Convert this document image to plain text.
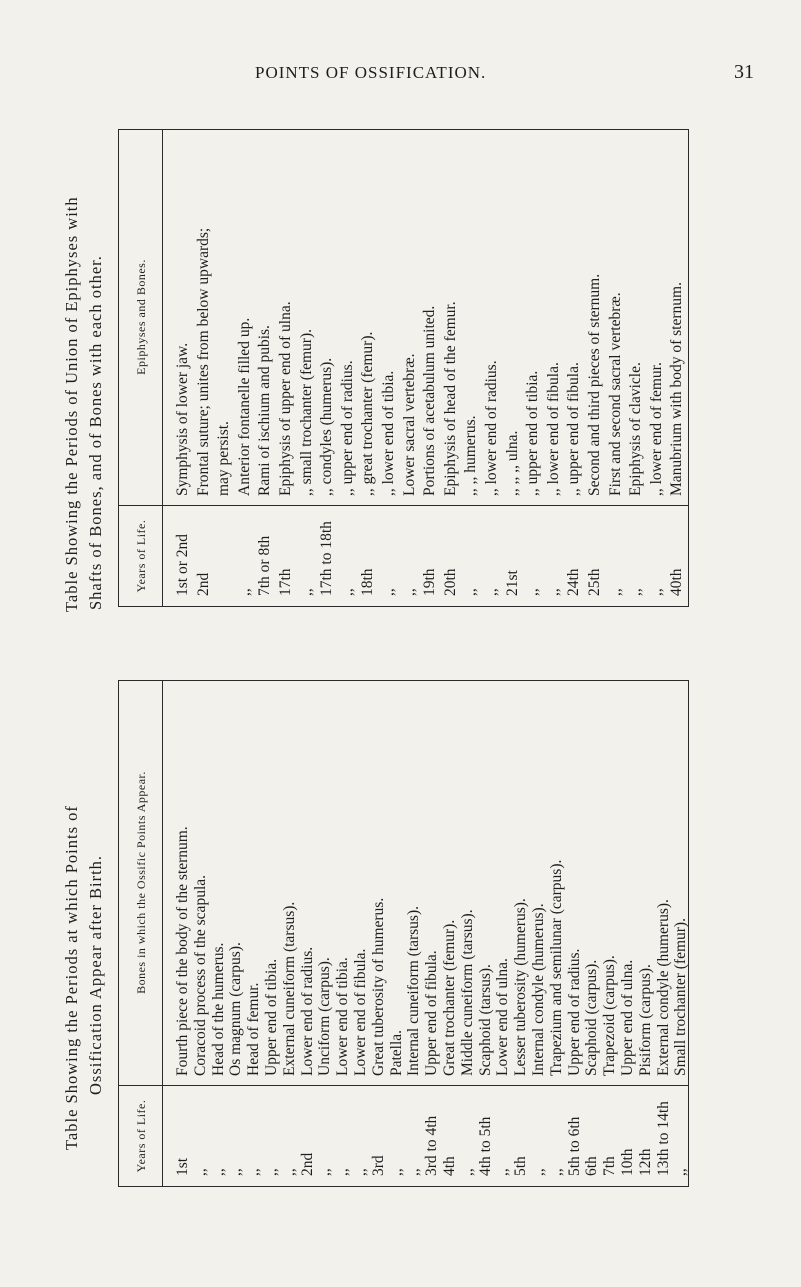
POINTS OF OSSIFICATION.	31
Table Showing the Periods at which Points of Ossification Appear after Birth.
Table Showing the Periods of Union of Epiphyses with Shafts of Bones, and of Bones with each other.
Years of Life.
Bones in which the Ossific Points Appear.
1st
Fourth piece of the body of the sternum.
,,
Coracoid process of the scapula.
,,
Head of the humerus.
,,
Os magnum (carpus).
,,
Head of femur.
,,
Upper end of tibia.
,,
External cuneiform (tarsus).
2nd
Lower end of radius.
,,
Unciform (carpus).
,,
Lower end of tibia.
,,
Lower end of fibula.
3rd
Great tuberosity of humerus.
,,
Patella.
,,
Internal cuneiform (tarsus).
3rd to 4th
Upper end of fibula.
4th
Great trochanter (femur).
,,
Middle cuneiform (tarsus).
4th to 5th
Scaphoid (tarsus).
,,
Lower end of ulna.
5th
Lesser tuberosity (humerus).
,,
Internal condyle (humerus).
,,
Trapezium and semilunar (carpus).
5th to 6th
Upper end of radius.
6th
Scaphoid (carpus).
7th
Trapezoid (carpus).
10th
Upper end of ulna.
12th
Pisiform (carpus).
13th to 14th
External condyle (humerus).
,,
Small trochanter (femur).
Years of Life.
Epiphyses and Bones.
1st or 2nd
Symphysis of lower jaw.
2nd
Frontal suture; unites from below upwards; may persist.
,,
Anterior fontanelle filled up.
7th or 8th
Rami of ischium and pubis.
17th
Epiphysis of upper end of ulna.
,,
,, small trochanter (femur).
17th to 18th
,, condyles (humerus).
,,
,, upper end of radius.
18th
,, great trochanter (femur).
,,
,, lower end of tibia.
,,
Lower sacral vertebræ.
19th
Portions of acetabulum united.
20th
Epiphysis of head of the femur.
,,
,, ,, humerus.
,,
,, lower end of radius.
21st
,, ,, ,, ulna.
,,
,, upper end of tibia.
,,
,, lower end of fibula.
24th
,, upper end of fibula.
25th
Second and third pieces of sternum.
,,
First and second sacral vertebræ.
,,
Epiphysis of clavicle.
,,
,, lower end of femur.
40th
Manubrium with body of sternum.
